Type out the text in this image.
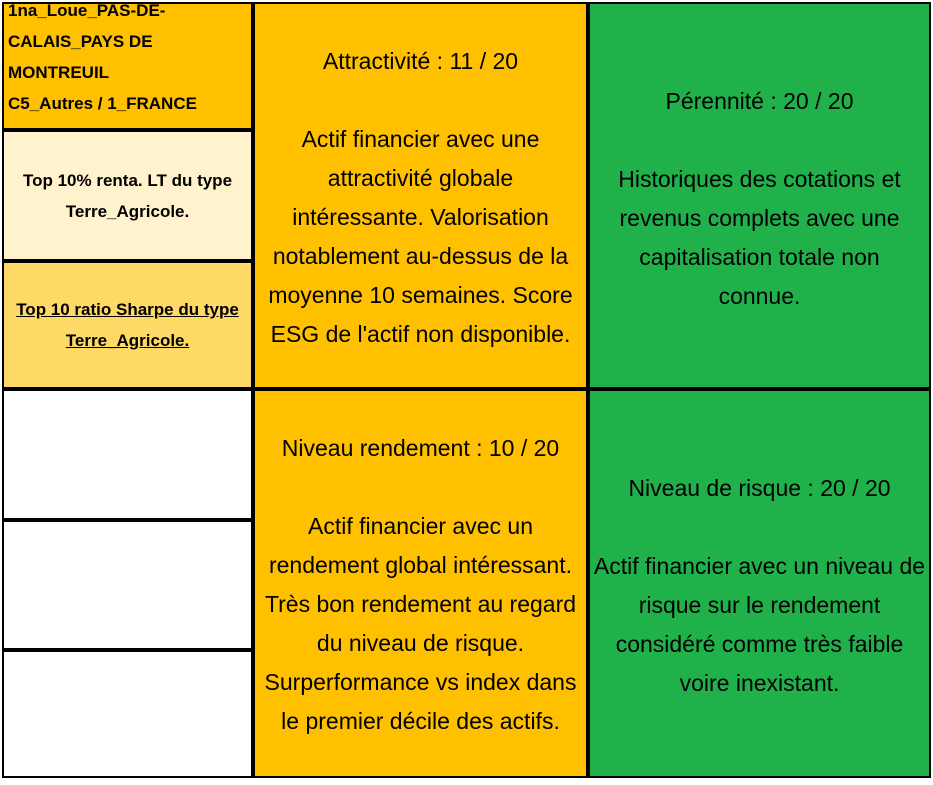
1na_Loue_PAS-DE-
CALAIS_PAYS DE
MONTREUIL
C5_Autres / 1_FRANCE
Top 10% renta. LT du type
Terre_Agricole.
Top 10 ratio Sharpe du type
Terre_Agricole.
Attractivité : 11 / 20
Actif financier avec une
attractivité globale
intéressante. Valorisation
notablement au-dessus de la
moyenne 10 semaines. Score
ESG de l'actif non disponible.
Pérennité : 20 / 20
Historiques des cotations et
revenus complets avec une
capitalisation totale non
connue.
Niveau rendement : 10 / 20
Actif financier avec un
rendement global intéressant.
Très bon rendement au regard
du niveau de risque.
Surperformance vs index dans
le premier décile des actifs.
Niveau de risque : 20 / 20
Actif financier avec un niveau de
risque sur le rendement
considéré comme très faible
voire inexistant.
